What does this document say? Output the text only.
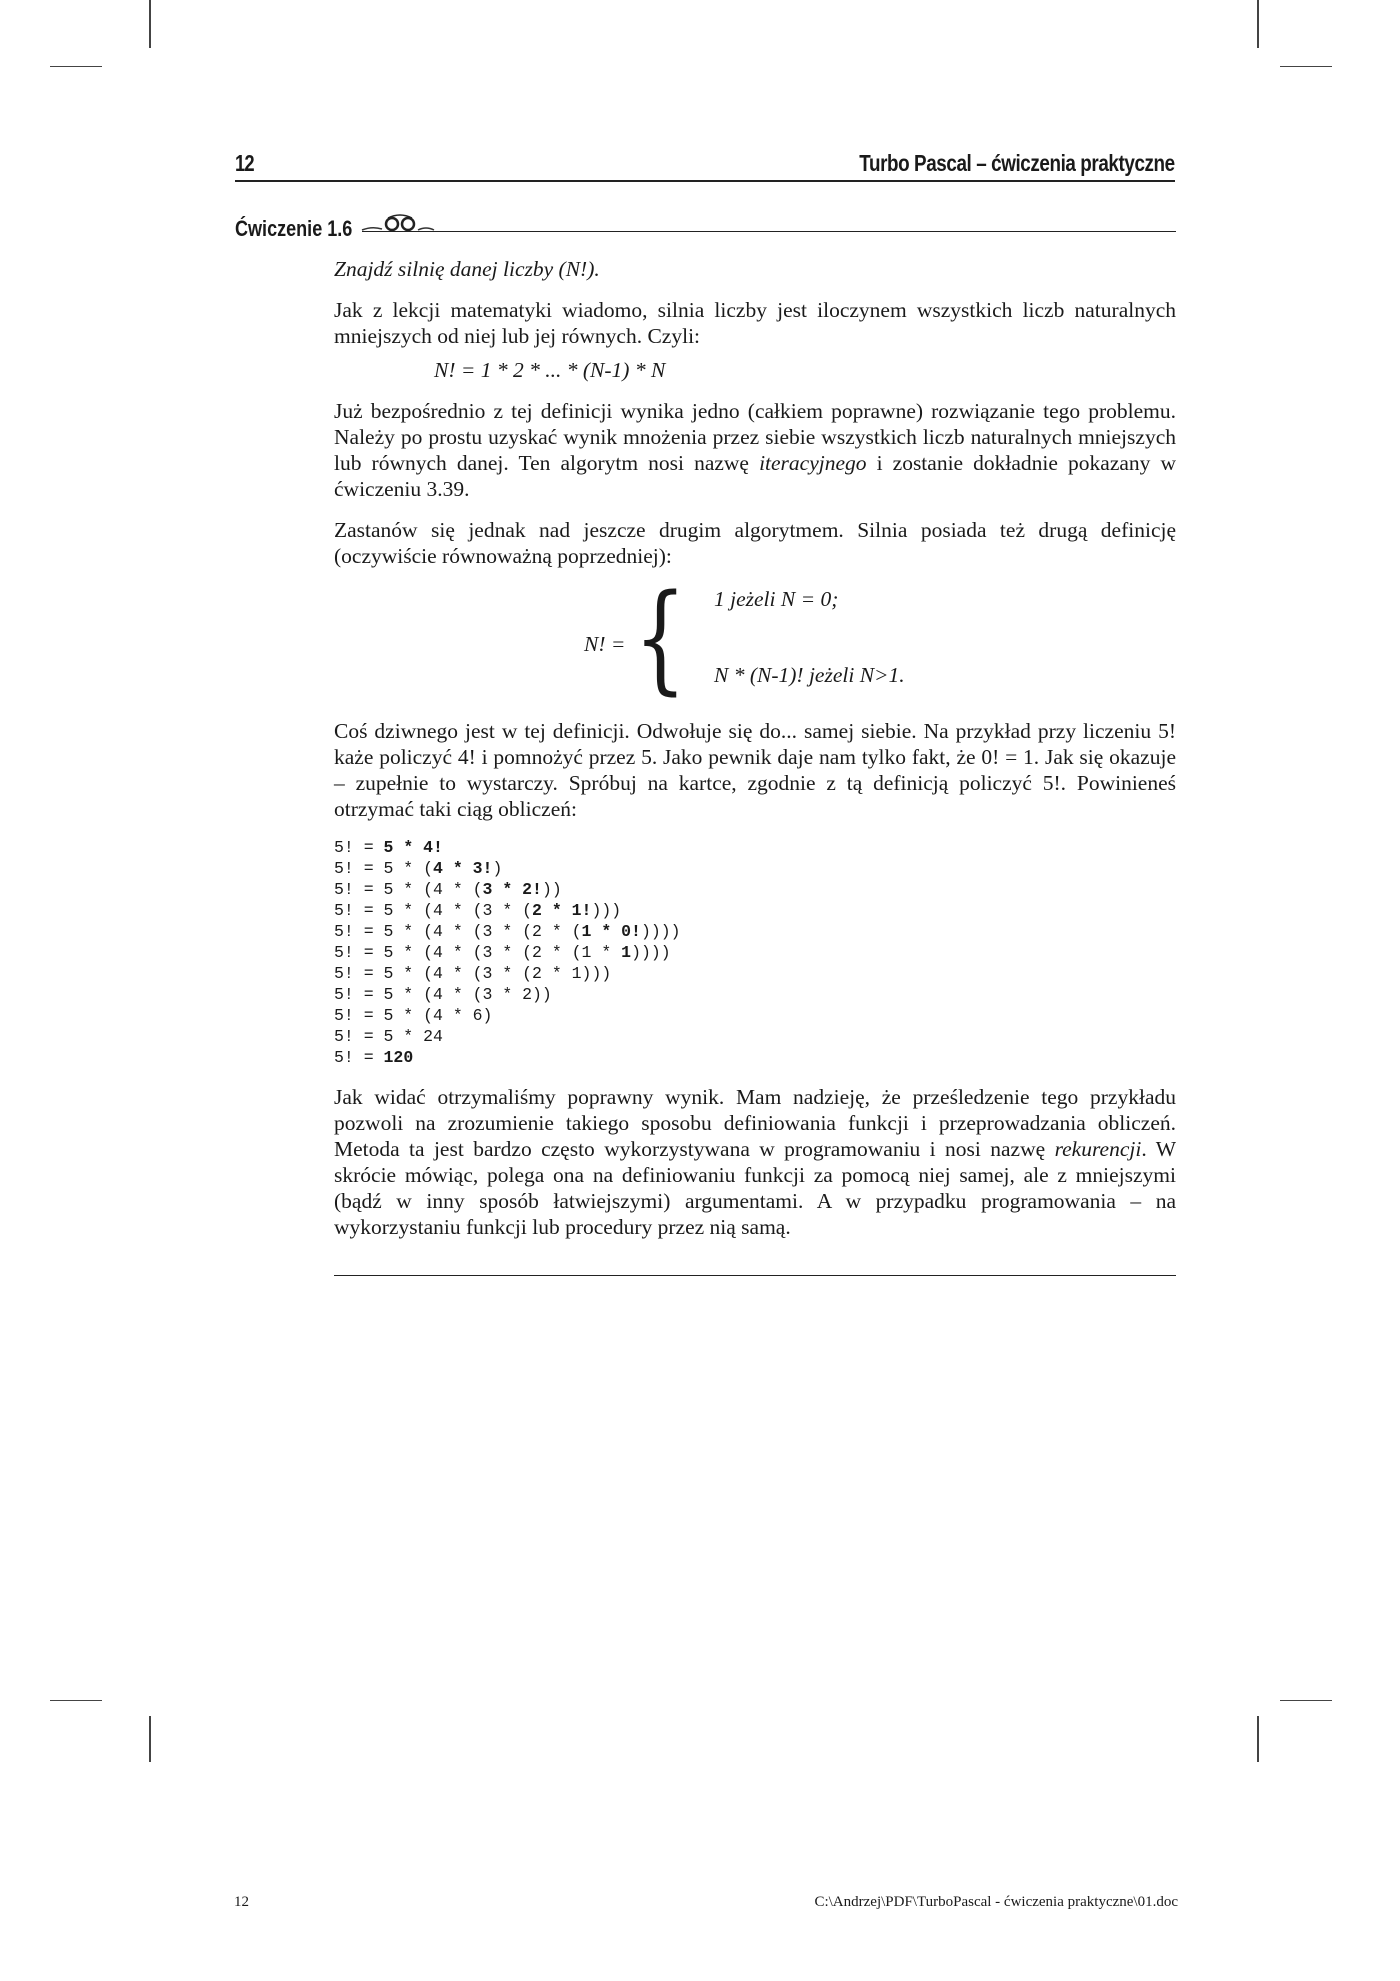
12	Turbo Pascal – ćwiczenia praktyczne
Ćwiczenie 1.6

Znajdź silnię danej liczby (N!).

Jak z lekcji matematyki wiadomo, silnia liczby jest iloczynem wszystkich liczb naturalnych mniejszych od niej lub jej równych. Czyli:

N! = 1 * 2 * ... * (N-1) * N

Już bezpośrednio z tej definicji wynika jedno (całkiem poprawne) rozwiązanie tego problemu. Należy po prostu uzyskać wynik mnożenia przez siebie wszystkich liczb naturalnych mniejszych lub równych danej. Ten algorytm nosi nazwę iteracyjnego i zostanie dokładnie pokazany w ćwiczeniu 3.39.

Zastanów się jednak nad jeszcze drugim algorytmem. Silnia posiada też drugą definicję (oczywiście równoważną poprzedniej):

N! = { 1 jeżeli N = 0;
N * (N-1)! jeżeli N>1.

Coś dziwnego jest w tej definicji. Odwołuje się do... samej siebie. Na przykład przy liczeniu 5! każe policzyć 4! i pomnożyć przez 5. Jako pewnik daje nam tylko fakt, że 0! = 1. Jak się okazuje – zupełnie to wystarczy. Spróbuj na kartce, zgodnie z tą definicją policzyć 5!. Powinieneś otrzymać taki ciąg obliczeń:

5! = 5 * 4!
5! = 5 * (4 * 3!)
5! = 5 * (4 * (3 * 2!))
5! = 5 * (4 * (3 * (2 * 1!)))
5! = 5 * (4 * (3 * (2 * (1 * 0!))))
5! = 5 * (4 * (3 * (2 * (1 * 1))))
5! = 5 * (4 * (3 * (2 * 1)))
5! = 5 * (4 * (3 * 2))
5! = 5 * (4 * 6)
5! = 5 * 24
5! = 120

Jak widać otrzymaliśmy poprawny wynik. Mam nadzieję, że prześledzenie tego przykładu pozwoli na zrozumienie takiego sposobu definiowania funkcji i przeprowadzania obliczeń. Metoda ta jest bardzo często wykorzystywana w programowaniu i nosi nazwę rekurencji. W skrócie mówiąc, polega ona na definiowaniu funkcji za pomocą niej samej, ale z mniejszymi (bądź w inny sposób łatwiejszymi) argumentami. A w przypadku programowania – na wykorzystaniu funkcji lub procedury przez nią samą.

12	C:\Andrzej\PDF\TurboPascal - ćwiczenia praktyczne\01.doc
